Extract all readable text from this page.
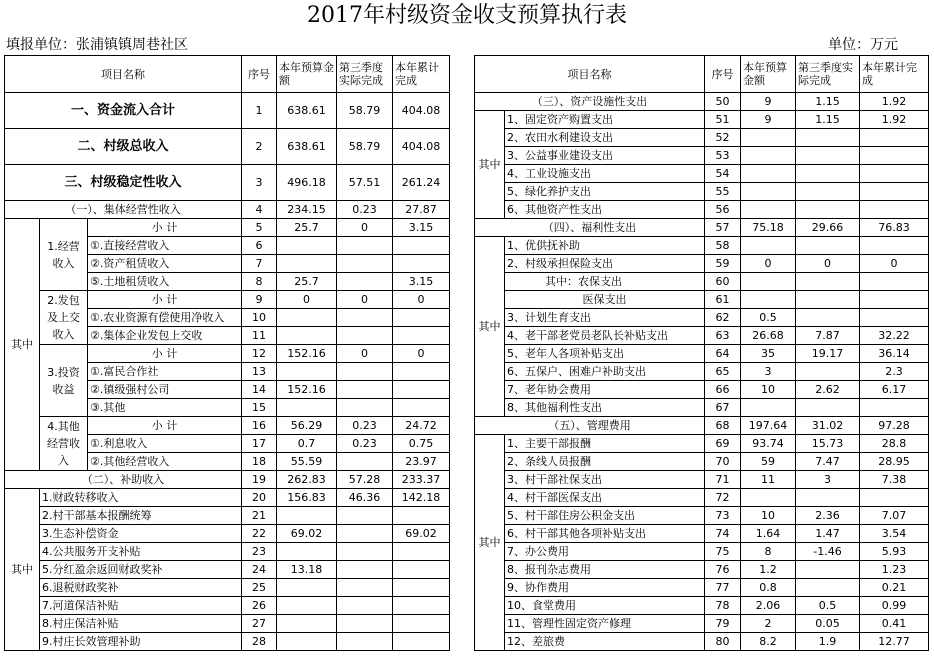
2017年村级资金收支预算执行表
填报单位：张浦镇镇周巷社区	单位：万元
项目名称			序号	本年预算金额	第三季度实际完成	本年累计完成
一、资金流入合计			1	638.61	58.79	404.08
二、村级总收入			2	638.61	58.79	404.08
三、村级稳定性收入			3	496.18	57.51	261.24
（一）、集体经营性收入			4	234.15	0.23	27.87
其中	1.经营收入	小 计	5	25.7	0	3.15
		①.直接经营收入	6			
		②.资产租赁收入	7			
		⑤.土地租赁收入	8	25.7		3.15
	2.发包及上交收入	小 计	9	0	0	0
		①.农业资源有偿使用净收入	10			
		②.集体企业发包上交收	11			
	3.投资收益	小 计	12	152.16	0	0
		①.富民合作社	13			
		②.镇级强村公司	14	152.16		
		③.其他	15			
	4.其他经营收入	小 计	16	56.29	0.23	24.72
		①.利息收入	17	0.7	0.23	0.75
		②.其他经营收入	18	55.59		23.97
（二）、补助收入			19	262.83	57.28	233.37
其中	1.财政转移收入		20	156.83	46.36	142.18
	2.村干部基本报酬统筹		21			
	3.生态补偿资金		22	69.02		69.02
	4.公共服务开支补贴		23			
	5.分红盈余返回财政奖补		24	13.18		
	6.退税财政奖补		25			
	7.河道保洁补贴		26			
	8.村庄保洁补贴		27			
	9.村庄长效管理补助		28			
项目名称		序号	本年预算金额	第三季度实际完成	本年累计完成
（三）、资产设施性支出		50	9	1.15	1.92
其中	1、固定资产购置支出	51	9	1.15	1.92
	2、农田水利建设支出	52			
	3、公益事业建设支出	53			
	4、工业设施支出	54			
	5、绿化养护支出	55			
	6、其他资产性支出	56			
（四）、福利性支出		57	75.18	29.66	76.83
其中	1、优供抚补助	58			
	2、村级承担保险支出	59	0	0	0
	其中：农保支出	60			
	医保支出	61			
	3、计划生育支出	62	0.5		
	4、老干部老党员老队长补贴支出	63	26.68	7.87	32.22
	5、老年人各项补贴支出	64	35	19.17	36.14
	6、五保户、困难户补助支出	65	3		2.3
	7、老年协会费用	66	10	2.62	6.17
	8、其他福利性支出	67			
（五）、管理费用		68	197.64	31.02	97.28
其中	1、主要干部报酬	69	93.74	15.73	28.8
	2、条线人员报酬	70	59	7.47	28.95
	3、村干部社保支出	71	11	3	7.38
	4、村干部医保支出	72			
	5、村干部住房公积金支出	73	10	2.36	7.07
	6、村干部其他各项补贴支出	74	1.64	1.47	3.54
	7、办公费用	75	8	-1.46	5.93
	8、报刊杂志费用	76	1.2		1.23
	9、协作费用	77	0.8		0.21
	10、食堂费用	78	2.06	0.5	0.99
	11、管理性固定资产修理	79	2	0.05	0.41
	12、差旅费	80	8.2	1.9	12.77
